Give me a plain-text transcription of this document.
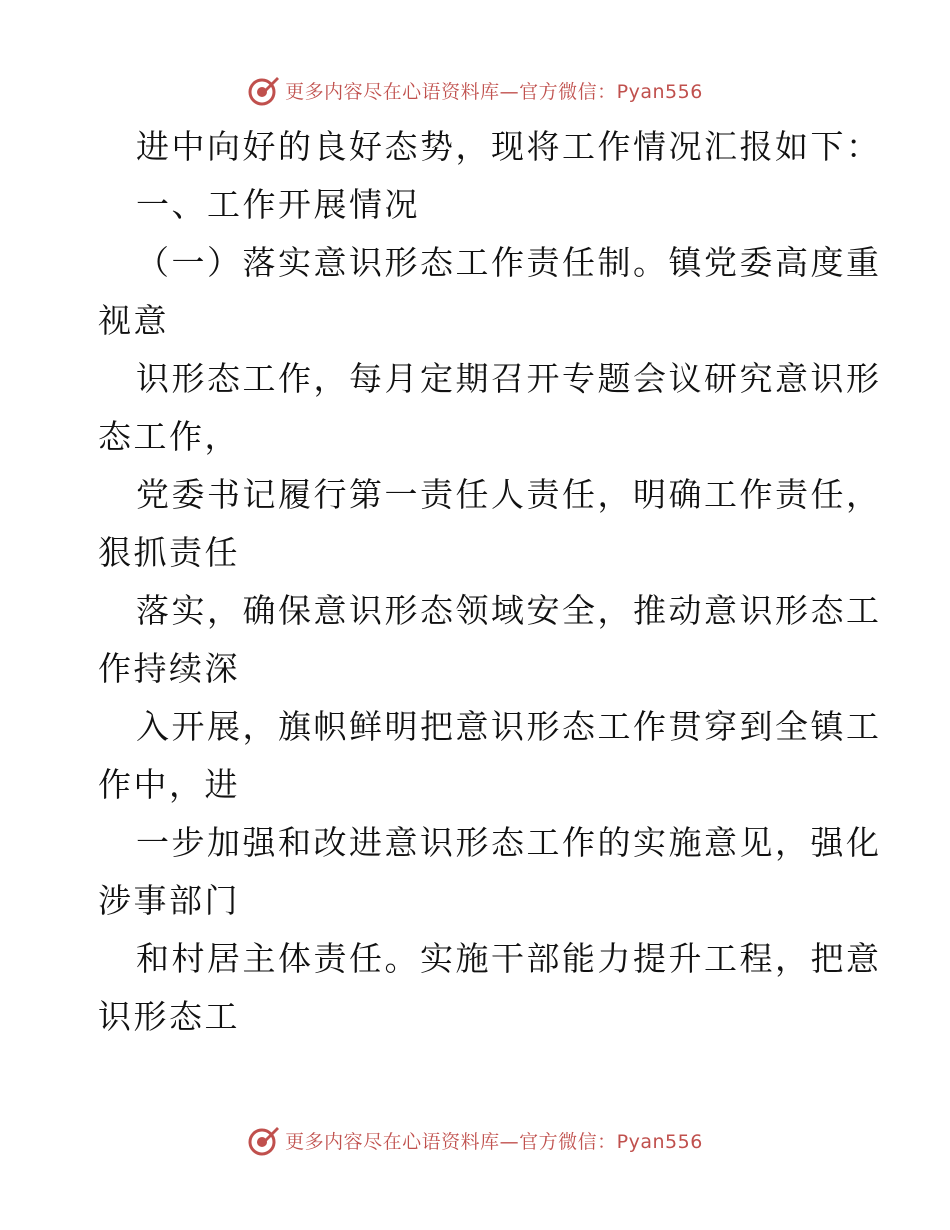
更多内容尽在心语资料库—官方微信：Pyan556
进中向好的良好态势，现将工作情况汇报如下：
一、工作开展情况
（一）落实意识形态工作责任制。镇党委高度重
视意
识形态工作，每月定期召开专题会议研究意识形
态工作，
党委书记履行第一责任人责任，明确工作责任，
狠抓责任
落实，确保意识形态领域安全，推动意识形态工
作持续深
入开展，旗帜鲜明把意识形态工作贯穿到全镇工
作中，进
一步加强和改进意识形态工作的实施意见，强化
涉事部门
和村居主体责任。实施干部能力提升工程，把意
识形态工
更多内容尽在心语资料库—官方微信：Pyan556
